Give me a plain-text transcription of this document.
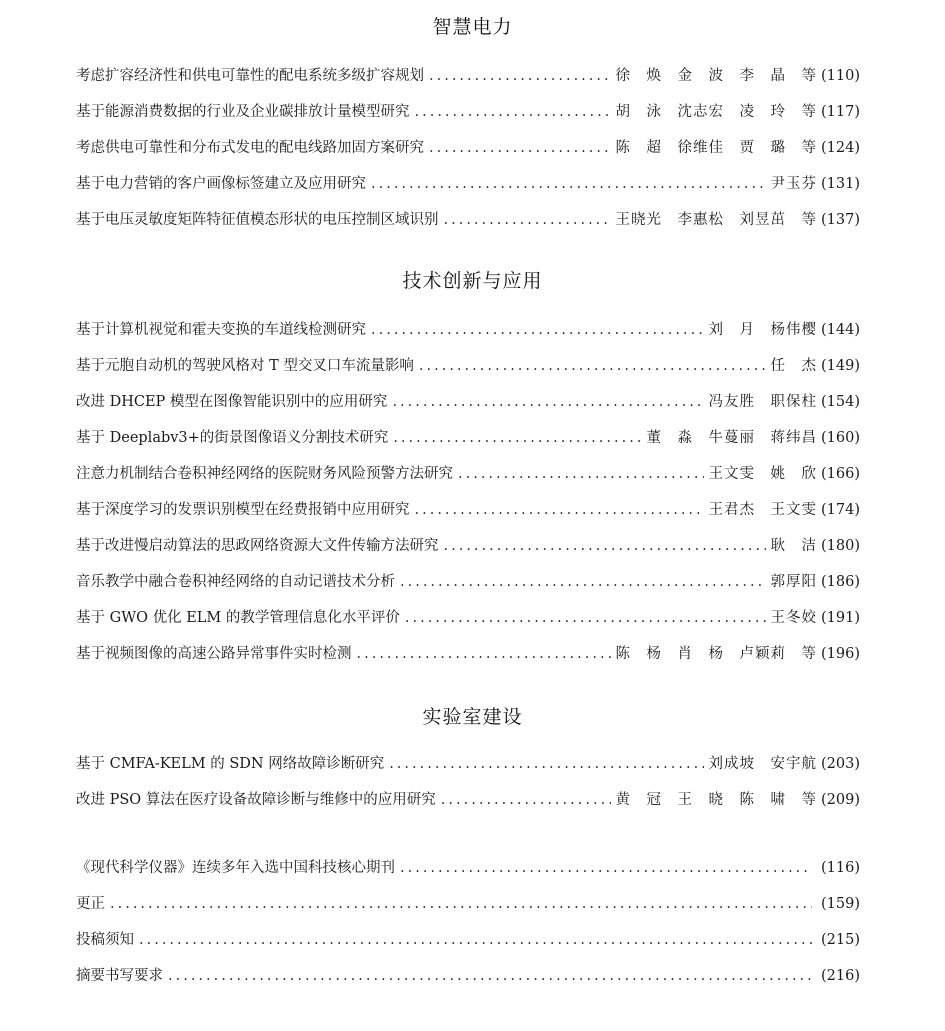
智慧电力
考虑扩容经济性和供电可靠性的配电系统多级扩容规划 .....	徐　焕　金　波　李　晶　等 (110)
基于能源消费数据的行业及企业碳排放计量模型研究 .....	胡　泳　沈志宏　凌　玲　等 (117)
考虑供电可靠性和分布式发电的配电线路加固方案研究 .....	陈　超　徐维佳　贾　璐　等 (124)
基于电力营销的客户画像标签建立及应用研究 .....	尹玉芬 (131)
基于电压灵敏度矩阵特征值模态形状的电压控制区域识别 .....	王晓光　李惠松　刘昱茁　等 (137)
技术创新与应用
基于计算机视觉和霍夫变换的车道线检测研究 .....	刘　月　杨伟樱 (144)
基于元胞自动机的驾驶风格对 T 型交叉口车流量影响 .....	任　杰 (149)
改进 DHCEP 模型在图像智能识别中的应用研究 .....	冯友胜　职保柱 (154)
基于 Deeplabv3+的街景图像语义分割技术研究 .....	董　淼　牛蔓丽　蒋纬昌 (160)
注意力机制结合卷积神经网络的医院财务风险预警方法研究 .....	王文雯　姚　欣 (166)
基于深度学习的发票识别模型在经费报销中应用研究 .....	王君杰　王文雯 (174)
基于改进慢启动算法的思政网络资源大文件传输方法研究 .....	耿　洁 (180)
音乐教学中融合卷积神经网络的自动记谱技术分析 .....	郭厚阳 (186)
基于 GWO 优化 ELM 的教学管理信息化水平评价 .....	王冬姣 (191)
基于视频图像的高速公路异常事件实时检测 .....	陈　杨　肖　杨　卢颖莉　等 (196)
实验室建设
基于 CMFA-KELM 的 SDN 网络故障诊断研究 .....	刘成坡　安宇航 (203)
改进 PSO 算法在医疗设备故障诊断与维修中的应用研究 .....	黄　冠　王　晓　陈　啸　等 (209)
《现代科学仪器》连续多年入选中国科技核心期刊 .....	(116)
更正 .....	(159)
投稿须知 .....	(215)
摘要书写要求 .....	(216)
